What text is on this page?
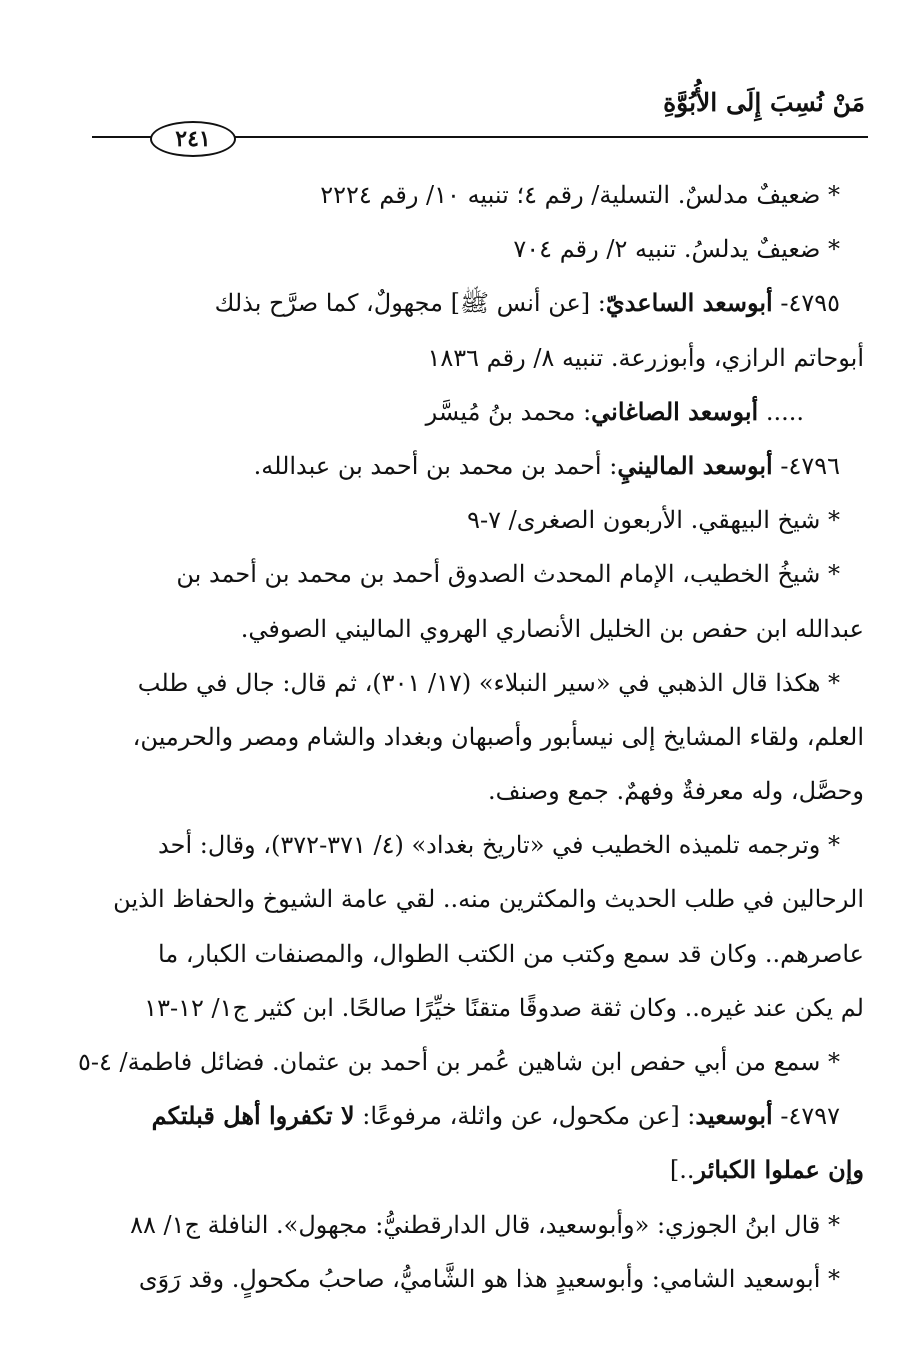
مَنْ نُسِبَ إِلَى الأُبُوَّةِ
٢٤١
* ضعيفٌ مدلسٌ. التسلية/ رقم ٤؛ تنبيه ١٠/ رقم ٢٢٢٤
* ضعيفٌ يدلسُ. تنبيه ٢/ رقم ٧٠٤
٤٧٩٥- أبوسعد الساعديّ: [عن أنس ﷺ] مجهولٌ، كما صرَّح بذلك
أبوحاتم الرازي، وأبوزرعة. تنبيه ٨/ رقم ١٨٣٦
..... أبوسعد الصاغاني: محمد بنُ مُيسَّر
٤٧٩٦- أبوسعد المالينيِ: أحمد بن محمد بن أحمد بن عبدالله.
* شيخ البيهقي. الأربعون الصغرى/ ٧-٩
* شيخُ الخطيب، الإمام المحدث الصدوق أحمد بن محمد بن أحمد بن
عبدالله ابن حفص بن الخليل الأنصاري الهروي الماليني الصوفي.
* هكذا قال الذهبي في «سير النبلاء» (١٧/ ٣٠١)، ثم قال: جال في طلب
العلم، ولقاء المشايخ إلى نيسأبور وأصبهان وبغداد والشام ومصر والحرمين،
وحصَّل، وله معرفةٌ وفهمٌ. جمع وصنف.
* وترجمه تلميذه الخطيب في «تاريخ بغداد» (٤/ ٣٧١-٣٧٢)، وقال: أحد
الرحالين في طلب الحديث والمكثرين منه.. لقي عامة الشيوخ والحفاظ الذين
عاصرهم.. وكان قد سمع وكتب من الكتب الطوال، والمصنفات الكبار، ما
لم يكن عند غيره.. وكان ثقة صدوقًا متقنًا خيِّرًا صالحًا. ابن كثير ج١/ ١٢-١٣
* سمع من أبي حفص ابن شاهين عُمر بن أحمد بن عثمان. فضائل فاطمة/ ٤-٥
٤٧٩٧- أبوسعيد: [عن مكحول، عن واثلة، مرفوعًا: لا تكفروا أهل قبلتكم
وإن عملوا الكبائر..]
* قال ابنُ الجوزي: «وأبوسعيد، قال الدارقطنيُّ: مجهول». النافلة ج١/ ٨٨
* أبوسعيد الشامي: وأبوسعيدٍ هذا هو الشَّاميُّ، صاحبُ مكحولٍ. وقد رَوَى
